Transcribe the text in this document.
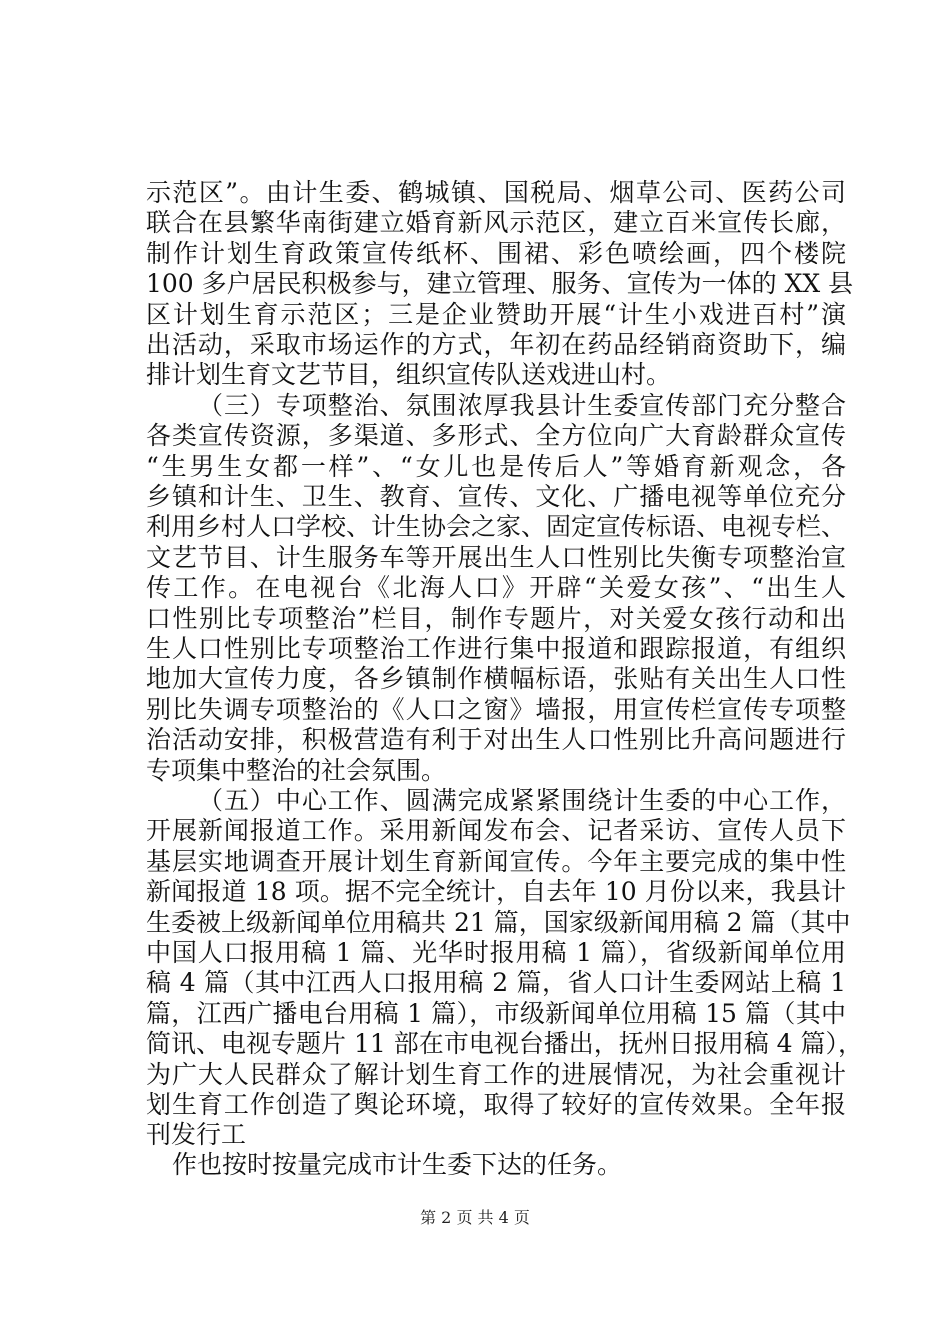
示范区”。由计生委、鹤城镇、国税局、烟草公司、医药公司
联合在县繁华南街建立婚育新风示范区，建立百米宣传长廊，
制作计划生育政策宣传纸杯、围裙、彩色喷绘画，四个楼院
100 多户居民积极参与，建立管理、服务、宣传为一体的 XX 县
区计划生育示范区；三是企业赞助开展“计生小戏进百村”演
出活动，采取市场运作的方式，年初在药品经销商资助下，编
排计划生育文艺节目，组织宣传队送戏进山村。
（三）专项整治、氛围浓厚我县计生委宣传部门充分整合
各类宣传资源，多渠道、多形式、全方位向广大育龄群众宣传
“生男生女都一样”、“女儿也是传后人”等婚育新观念，各
乡镇和计生、卫生、教育、宣传、文化、广播电视等单位充分
利用乡村人口学校、计生协会之家、固定宣传标语、电视专栏、
文艺节目、计生服务车等开展出生人口性别比失衡专项整治宣
传工作。在电视台《北海人口》开辟“关爱女孩”、“出生人
口性别比专项整治”栏目，制作专题片，对关爱女孩行动和出
生人口性别比专项整治工作进行集中报道和跟踪报道，有组织
地加大宣传力度，各乡镇制作横幅标语，张贴有关出生人口性
别比失调专项整治的《人口之窗》墙报，用宣传栏宣传专项整
治活动安排，积极营造有利于对出生人口性别比升高问题进行
专项集中整治的社会氛围。
（五）中心工作、圆满完成紧紧围绕计生委的中心工作，
开展新闻报道工作。采用新闻发布会、记者采访、宣传人员下
基层实地调查开展计划生育新闻宣传。今年主要完成的集中性
新闻报道 18 项。据不完全统计，自去年 10 月份以来，我县计
生委被上级新闻单位用稿共 21 篇，国家级新闻用稿 2 篇（其中
中国人口报用稿 1 篇、光华时报用稿 1 篇），省级新闻单位用
稿 4 篇（其中江西人口报用稿 2 篇，省人口计生委网站上稿 1
篇，江西广播电台用稿 1 篇），市级新闻单位用稿 15 篇（其中
简讯、电视专题片 11 部在市电视台播出，抚州日报用稿 4 篇），
为广大人民群众了解计划生育工作的进展情况，为社会重视计
划生育工作创造了舆论环境，取得了较好的宣传效果。全年报
刊发行工
作也按时按量完成市计生委下达的任务。
第 2 页 共 4 页
